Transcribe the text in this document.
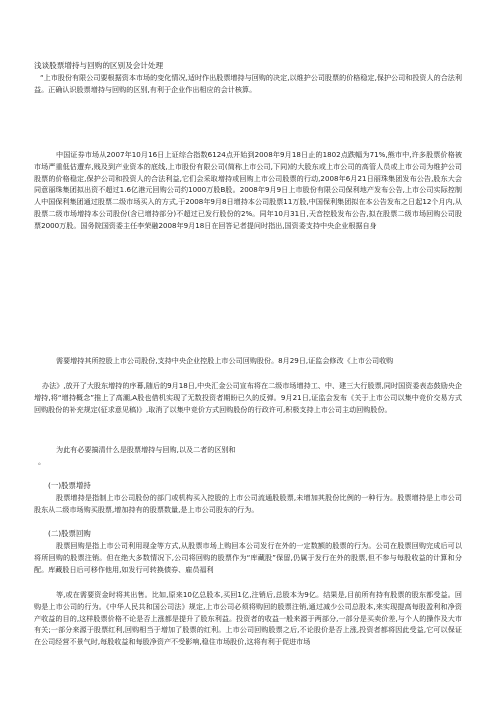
浅谈股票增持与回购的区别及会计处理
“上市股份有限公司要根据资本市场的变化情况,适时作出股票增持与回购的决定,以维护公司股票的价格稳定,保护公司和投资人的合法利益。正确认识股票增持与回购的区别,有利于企业作出相应的会计核算。
中国证券市场从2007年10月16日上证综合指数6124点开始到2008年9月18日止的1802点跌幅为71%,熊市中,许多股票价格被市场严重低估遭弃,贱及到产业资本的底线,上市股份有限公司(简称上市公司,下同)的大股东或上市公司的高管人员或上市公司为维护公司股票的价格稳定,保护公司和投资人的合法利益,它们会采取增持或回购上市公司股票的行动,2008年6月21日丽珠集团发布公告,股东大会同意丽珠集团拟出资不超过1.6亿港元回购公司约1000万股B股。2008年9月9日上市股份有限公司保利地产发布公告,上市公司实际控制人中国保利集团通过股票二级市场买入的方式,于2008年9月8日增持本公司股票11万股,中国保利集团拟在本公告发布之日起12个月内,从股票二级市场增持本公司股份(含已增持部分)不超过已发行股份的2%。同年10月31日,天音控股发布公告,拟在股票二级市场回购公司股票2000万股。国务院国资委主任李荣融2008年9月18日在回答记者提问时指出,国资委支持中央企业根据自身
需要增持其所控股上市公司股份,支持中央企业控股上市公司回购股份。8月29日,证监会修改《上市公司收购
办法》,放开了大股东增持的序幕,随后的9月18日,中央汇金公司宣布将在二级市场增持工、中、建三大行股票,同时国资委表态鼓励央企增持,将“增持概念”推上了高潮,A股也借机实现了无数投资者期盼已久的反弹。9月21日,证监会发布《关于上市公司以集中竞价交易方式回购股份的补充规定(征求意见稿)》,取消了以集中竞价方式回购股份的行政许可,积极支持上市公司主动回购股份。
为此有必要搞清什么是股票增持与回购,以及二者的区别和
。
(一)股票增持
股票增持是指制上市公司股份的部门或机构买入控股的上市公司流通股股票,未增加其股份比例的一种行为。股票增持是上市公司股东从二级市场购买股票,增加持有的股票数量,是上市公司股东的行为。
(二)股票回购
股票回购是指上市公司利用现金等方式,从股票市场上购回本公司发行在外的一定数额的股票的行为。公司在股票回购完成后可以将所回购的股票注销。但在绝大多数情况下,公司将回购的股票作为“库藏股”保留,仍属于发行在外的股票,但不参与每股收益的计算和分配。库藏股日后可移作他用,如发行可转换债券、雇员福利
等,或在需要资金时将其出售。比如,原来10亿总股本,买回1亿,注销后,总股本为9亿。结果是,目前所有持有股票的股东都受益。回购是上市公司的行为。《中华人民共和国公司法》规定,上市公司必须将购回的股票注销,通过减少公司总股本,来实现提高每股盈利和净资产收益的目的,这样股票价格不论是否上涨都是提升了股东利益。投资者的收益一般来源于两部分,一部分是买卖价差,与个人的操作及大市有关;一部分来源于股票红利,回购相当于增加了股票的红利。上市公司回购股票之后,不论股价是否上涨,投资者都将因此受益,它可以保证在公司经营不景气时,每股收益和每股净资产不受影响,稳住市场股价,这将有利于促进市场
